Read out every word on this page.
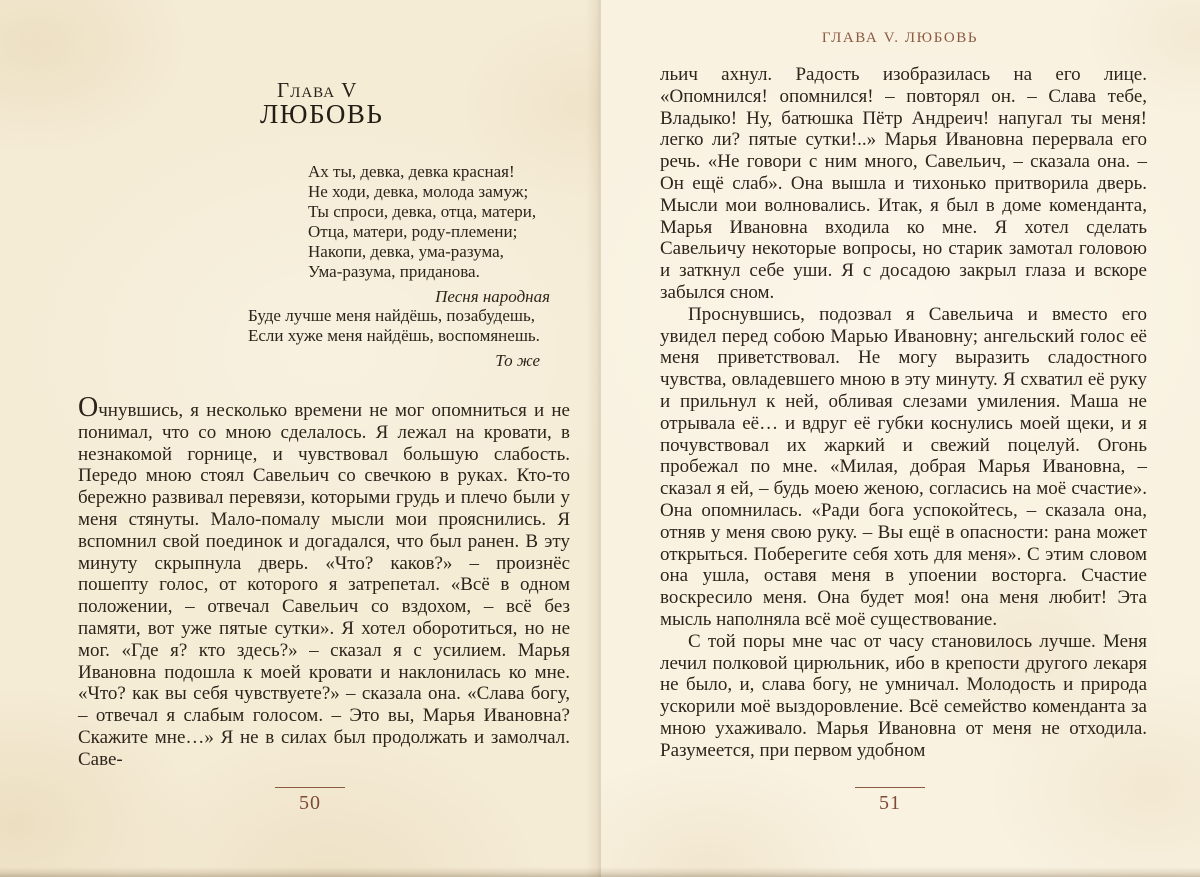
Глава V
ЛЮБОВЬ
Ах ты, девка, девка красная!
Не ходи, девка, молода замуж;
Ты спроси, девка, отца, матери,
Отца, матери, роду-племени;
Накопи, девка, ума-разума,
Ума-разума, приданова.
Песня народная
Буде лучше меня найдёшь, позабудешь,
Если хуже меня найдёшь, воспомянешь.
То же

Очнувшись, я несколько времени не мог опомниться и не понимал, что со мною сделалось. Я лежал на кровати, в незнакомой горнице, и чувствовал большую слабость. Передо мною стоял Савельич со свечкою в руках. Кто-то бережно развивал перевязи, которыми грудь и плечо были у меня стянуты. Мало-помалу мысли мои прояснились. Я вспомнил свой поединок и догадался, что был ранен. В эту минуту скрыпнула дверь. «Что? каков?» – произнёс пошепту голос, от которого я затрепетал. «Всё в одном положении, – отвечал Савельич со вздохом, – всё без памяти, вот уже пятые сутки». Я хотел оборотиться, но не мог. «Где я? кто здесь?» – сказал я с усилием. Марья Ивановна подошла к моей кровати и наклонилась ко мне. «Что? как вы себя чувствуете?» – сказала она. «Слава богу, – отвечал я слабым голосом. – Это вы, Марья Ивановна? Скажите мне…» Я не в силах был продолжать и замолчал. Саве-

50
ГЛАВА V. ЛЮБОВЬ

льич ахнул. Радость изобразилась на его лице. «Опомнился! опомнился! – повторял он. – Слава тебе, Владыко! Ну, батюшка Пётр Андреич! напугал ты меня! легко ли? пятые сутки!..» Марья Ивановна перервала его речь. «Не говори с ним много, Савельич, – сказала она. – Он ещё слаб». Она вышла и тихонько притворила дверь. Мысли мои волновались. Итак, я был в доме коменданта, Марья Ивановна входила ко мне. Я хотел сделать Савельичу некоторые вопросы, но старик замотал головою и заткнул себе уши. Я с досадою закрыл глаза и вскоре забылся сном.

Проснувшись, подозвал я Савельича и вместо его увидел перед собою Марью Ивановну; ангельский голос её меня приветствовал. Не могу выразить сладостного чувства, овладевшего мною в эту минуту. Я схватил её руку и прильнул к ней, обливая слезами умиления. Маша не отрывала её… и вдруг её губки коснулись моей щеки, и я почувствовал их жаркий и свежий поцелуй. Огонь пробежал по мне. «Милая, добрая Марья Ивановна, – сказал я ей, – будь моею женою, согласись на моё счастие». Она опомнилась. «Ради бога успокойтесь, – сказала она, отняв у меня свою руку. – Вы ещё в опасности: рана может открыться. Поберегите себя хоть для меня». С этим словом она ушла, оставя меня в упоении восторга. Счастие воскресило меня. Она будет моя! она меня любит! Эта мысль наполняла всё моё существование.

С той поры мне час от часу становилось лучше. Меня лечил полковой цирюльник, ибо в крепости другого лекаря не было, и, слава богу, не умничал. Молодость и природа ускорили моё выздоровление. Всё семейство коменданта за мною ухаживало. Марья Ивановна от меня не отходила. Разумеется, при первом удобном

51
